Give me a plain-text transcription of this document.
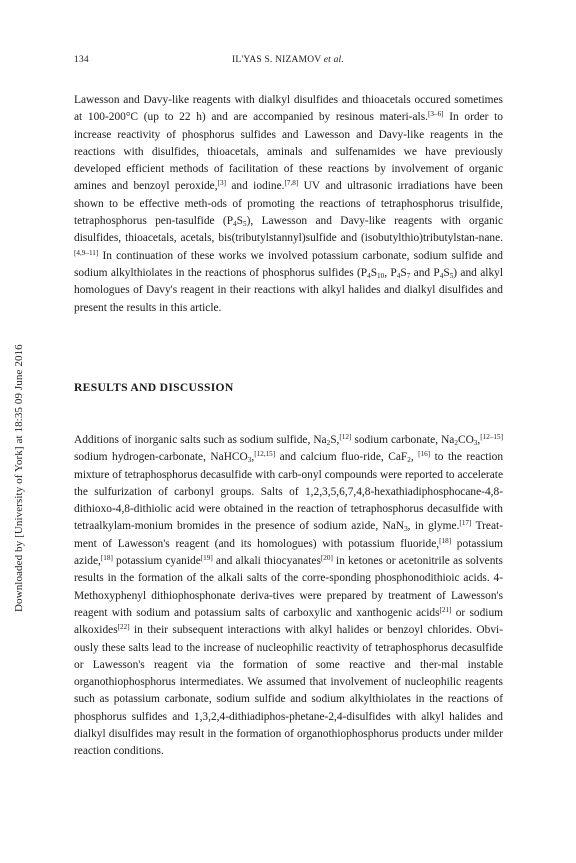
134	IL'YAS S. NIZAMOV et al.
Downloaded by [University of York] at 18:35 09 June 2016

Lawesson and Davy-like reagents with dialkyl disulfides and thioacetals occured sometimes at 100-200°C (up to 22 h) and are accompanied by resinous materi-als.[3–6] In order to increase reactivity of phosphorus sulfides and Lawesson and Davy-like reagents in the reactions with disulfides, thioacetals, aminals and sulfenamides we have previously developed efficient methods of facilitation of these reactions by involvement of organic amines and benzoyl peroxide,[3] and iodine.[7,8] UV and ultrasonic irradiations have been shown to be effective meth-ods of promoting the reactions of tetraphosphorus trisulfide, tetraphosphorus pen-tasulfide $(P_4S_5)$, Lawesson and Davy-like reagents with organic disulfides, thioacetals, acetals, bis(tributylstannyl)sulfide and (isobutylthio)tributylstan-nane.[4,9–11] In continuation of these works we involved potassium carbonate, sodium sulfide and sodium alkylthiolates in the reactions of phosphorus sulfides ($P_4S_{10}$, $P_4S_7$ and $P_4S_5$) and alkyl homologues of Davy's reagent in their reactions with alkyl halides and dialkyl disulfides and present the results in this article.

RESULTS AND DISCUSSION

Additions of inorganic salts such as sodium sulfide, $Na_2S,[12]$ sodium carbonate, $Na_2CO_3,[12-15]$ sodium hydrogen-carbonate, NaHCO$_3$,[12,15] and calcium fluo-ride, CaF$_2$, [16] to the reaction mixture of tetraphosphorus decasulfide with carb-onyl compounds were reported to accelerate the sulfurization of carbonyl groups. Salts of 1,2,3,5,6,7,4,8-hexathiadiphosphocane-4,8-dithioxo-4,8-dithiolic acid were obtained in the reaction of tetraphosphorus decasulfide with tetraalkylam-monium bromides in the presence of sodium azide, NaN$_3$, in glyme.[17] Treat-ment of Lawesson's reagent (and its homologues) with potassium fluoride,[18] potassium azide,[18] potassium cyanide[19] and alkali thiocyanates[20] in ketones or acetonitrile as solvents results in the formation of the alkali salts of the corre-sponding phosphonodithioic acids. 4-Methoxyphenyl dithiophosphonate deriva-tives were prepared by treatment of Lawesson's reagent with sodium and potassium salts of carboxylic and xanthogenic acids[21] or sodium alkoxides[22] in their subsequent interactions with alkyl halides or benzoyl chlorides. Obvi-ously these salts lead to the increase of nucleophilic reactivity of tetraphosphorus decasulfide or Lawesson's reagent via the formation of some reactive and ther-mal instable organothiophosphorus intermediates. We assumed that involvement of nucleophilic reagents such as potassium carbonate, sodium sulfide and sodium alkylthiolates in the reactions of phosphorus sulfides and 1,3,2,4-dithiadiphos-phetane-2,4-disulfides with alkyl halides and dialkyl disulfides may result in the formation of organothiophosphorus products under milder reaction conditions.
